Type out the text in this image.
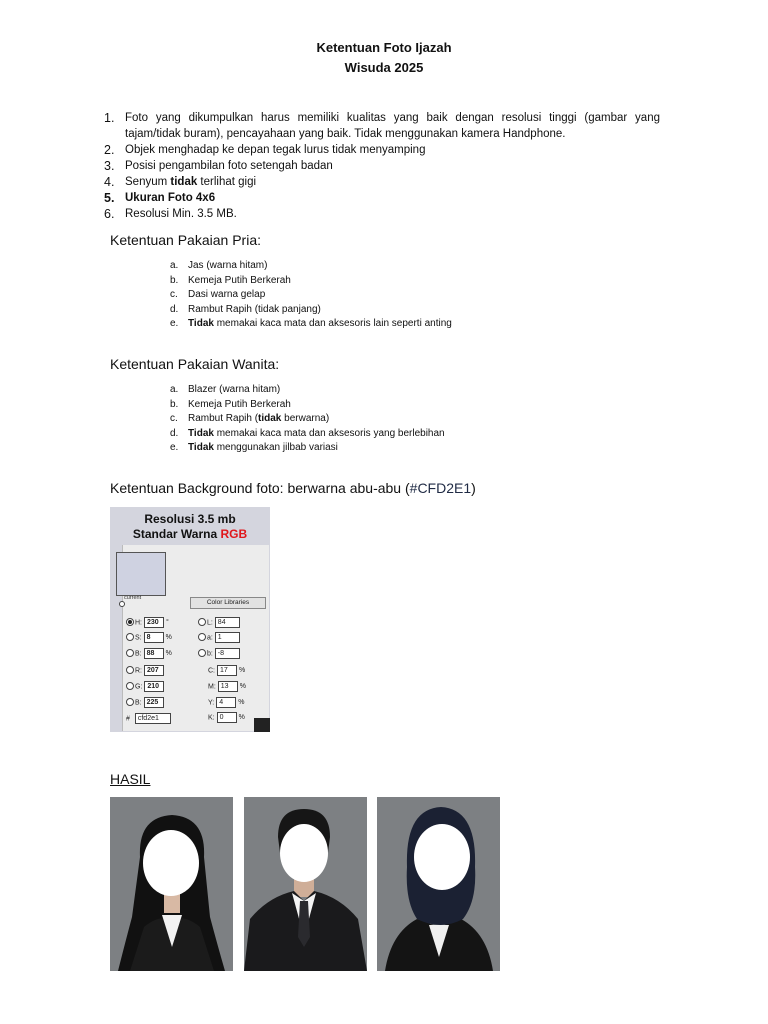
Ketentuan Foto Ijazah
Wisuda 2025
1. Foto yang dikumpulkan harus memiliki kualitas yang baik dengan resolusi tinggi (gambar yang tajam/tidak buram), pencayahaan yang baik. Tidak menggunakan kamera Handphone.
2. Objek menghadap ke depan tegak lurus tidak menyamping
3. Posisi pengambilan foto setengah badan
4. Senyum tidak terlihat gigi
5. Ukuran Foto 4x6
6. Resolusi Min. 3.5 MB.
Ketentuan Pakaian Pria:
a. Jas (warna hitam)
b. Kemeja Putih Berkerah
c. Dasi warna gelap
d. Rambut Rapih (tidak panjang)
e. Tidak memakai kaca mata dan aksesoris lain seperti anting
Ketentuan Pakaian Wanita:
a. Blazer (warna hitam)
b. Kemeja Putih Berkerah
c. Rambut Rapih (tidak berwarna)
d. Tidak memakai kaca mata dan aksesoris yang berlebihan
e. Tidak menggunakan jilbab variasi
Ketentuan Background foto: berwarna abu-abu (#CFD2E1)
Resolusi 3.5 mb
Standar Warna RGB
current
Color Libraries
H: 230 °
S: 8 %
B: 88 %
R: 207
G: 210
B: 225
# cfd2e1
L: 84
a: 1
b: -8
C: 17 %
M: 13 %
Y: 4 %
K: 0 %
HASIL
